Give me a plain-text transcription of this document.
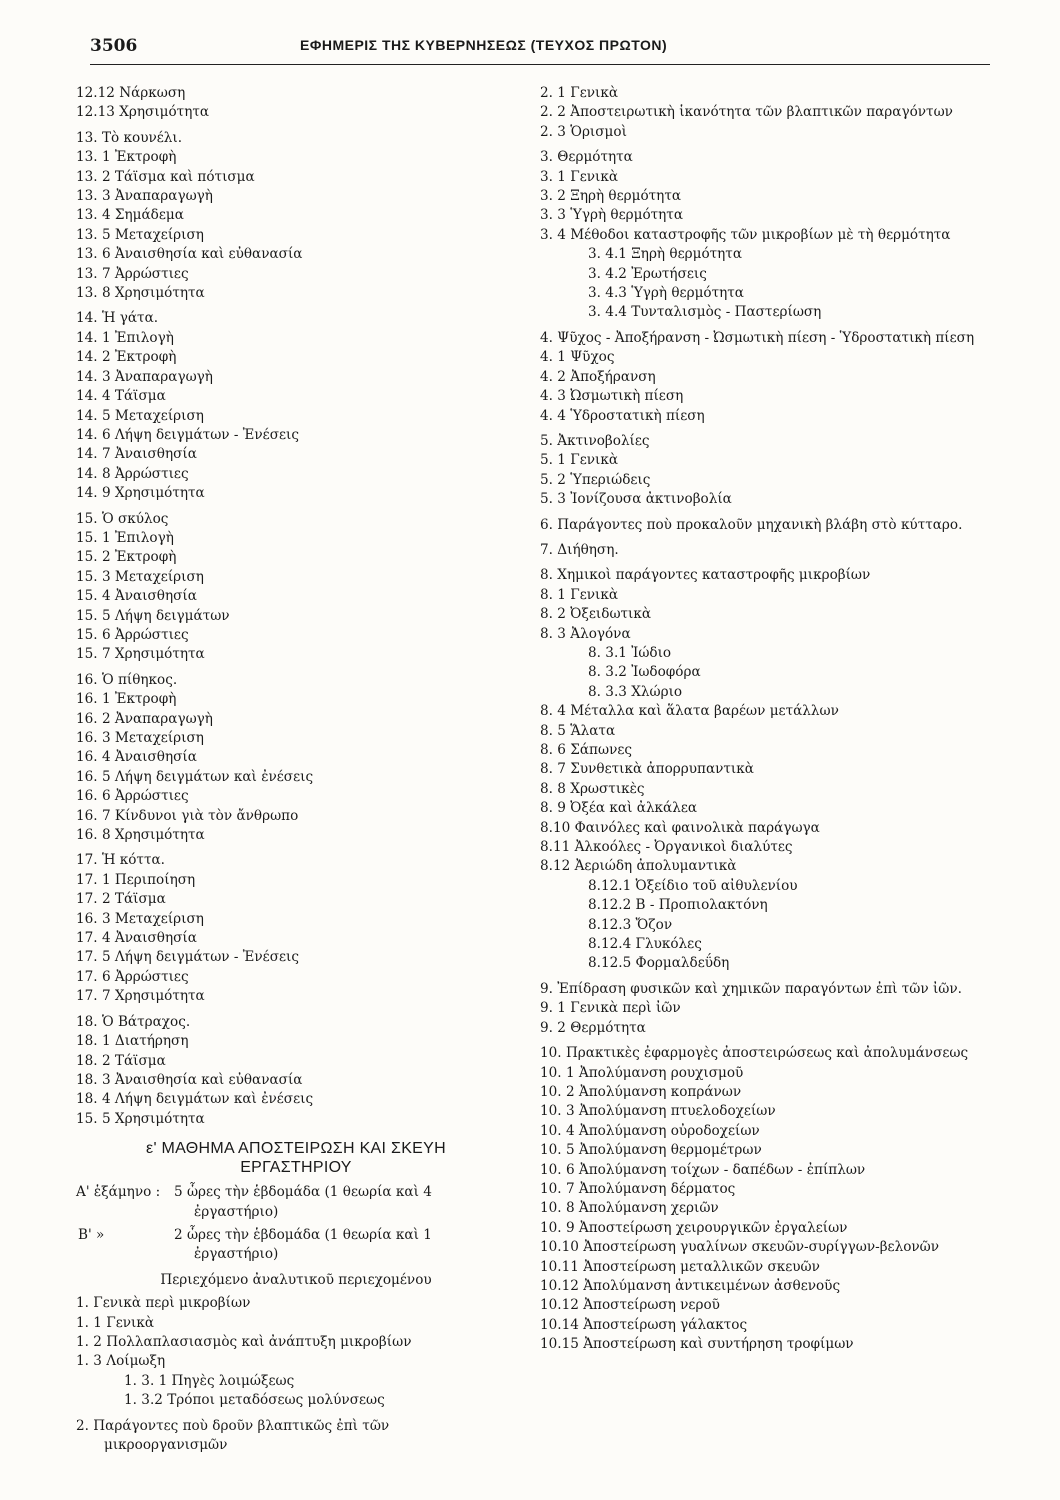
3506	ΕΦΗΜΕΡΙΣ ΤΗΣ ΚΥΒΕΡΝΗΣΕΩΣ (ΤΕΥΧΟΣ ΠΡΩΤΟΝ)
12.12 Νάρκωση
12.13 Χρησιμότητα
13. Τὸ κουνέλι.
13. 1 Ἐκτροφὴ
13. 2 Τάϊσμα καὶ πότισμα
13. 3 Ἀναπαραγωγὴ
13. 4 Σημάδεμα
13. 5 Μεταχείριση
13. 6 Ἀναισθησία καὶ εὐθανασία
13. 7 Ἀρρώστιες
13. 8 Χρησιμότητα
14. Ἡ γάτα.
14. 1 Ἐπιλογὴ
14. 2 Ἐκτροφὴ
14. 3 Ἀναπαραγωγὴ
14. 4 Τάϊσμα
14. 5 Μεταχείριση
14. 6 Λήψη δειγμάτων - Ἐνέσεις
14. 7 Ἀναισθησία
14. 8 Ἀρρώστιες
14. 9 Χρησιμότητα
15. Ὁ σκύλος
15. 1 Ἐπιλογὴ
15. 2 Ἐκτροφὴ
15. 3 Μεταχείριση
15. 4 Ἀναισθησία
15. 5 Λήψη δειγμάτων
15. 6 Ἀρρώστιες
15. 7 Χρησιμότητα
16. Ὁ πίθηκος.
16. 1 Ἐκτροφὴ
16. 2 Ἀναπαραγωγὴ
16. 3 Μεταχείριση
16. 4 Ἀναισθησία
16. 5 Λήψη δειγμάτων καὶ ἐνέσεις
16. 6 Ἀρρώστιες
16. 7 Κίνδυνοι γιὰ τὸν ἄνθρωπο
16. 8 Χρησιμότητα
17. Ἡ κόττα.
17. 1 Περιποίηση
17. 2 Τάϊσμα
16. 3 Μεταχείριση
17. 4 Ἀναισθησία
17. 5 Λήψη δειγμάτων - Ἐνέσεις
17. 6 Ἀρρώστιες
17. 7 Χρησιμότητα
18. Ὁ Βάτραχος.
18. 1 Διατήρηση
18. 2 Τάϊσμα
18. 3 Ἀναισθησία καὶ εὐθανασία
18. 4 Λήψη δειγμάτων καὶ ἐνέσεις
15. 5 Χρησιμότητα
ε' ΜΑΘΗΜΑ ΑΠΟΣΤΕΙΡΩΣΗ ΚΑΙ ΣΚΕΥΗ
ΕΡΓΑΣΤΗΡΙΟΥ
Α' ἑξάμηνο :	5 ὧρες τὴν ἑβδομάδα (1 θεωρία καὶ 4 ἐργαστήριο)
Β' »	2 ὧρες τὴν ἑβδομάδα (1 θεωρία καὶ 1 ἐργαστήριο)
Περιεχόμενο ἀναλυτικοῦ περιεχομένου
1. Γενικὰ περὶ μικροβίων
1. 1 Γενικὰ
1. 2 Πολλαπλασιασμὸς καὶ ἀνάπτυξη μικροβίων
1. 3 Λοίμωξη
1. 3. 1 Πηγὲς λοιμώξεως
1. 3.2 Τρόποι μεταδόσεως μολύνσεως
2. Παράγοντες ποὺ δροῦν βλαπτικῶς ἐπὶ τῶν μικροοργανισμῶν
2. 1 Γενικὰ
2. 2 Ἀποστειρωτικὴ ἱκανότητα τῶν βλαπτικῶν παραγόντων
2. 3 Ὁρισμοὶ
3. Θερμότητα
3. 1 Γενικὰ
3. 2 Ξηρὴ θερμότητα
3. 3 Ὑγρὴ θερμότητα
3. 4 Μέθοδοι καταστροφῆς τῶν μικροβίων μὲ τὴ θερμότητα
3. 4.1 Ξηρὴ θερμότητα
3. 4.2 Ἐρωτήσεις
3. 4.3 Ὑγρὴ θερμότητα
3. 4.4 Τυνταλισμὸς - Παστερίωση
4. Ψῦχος - Ἀποξήρανση - Ὠσμωτικὴ πίεση - Ὑδροστατικὴ πίεση
4. 1 Ψῦχος
4. 2 Ἀποξήρανση
4. 3 Ὠσμωτικὴ πίεση
4. 4 Ὑδροστατικὴ πίεση
5. Ἀκτινοβολίες
5. 1 Γενικὰ
5. 2 Ὑπεριώδεις
5. 3 Ἰονίζουσα ἀκτινοβολία
6. Παράγοντες ποὺ προκαλοῦν μηχανικὴ βλάβη στὸ κύτταρο.
7. Διήθηση.
8. Χημικοὶ παράγοντες καταστροφῆς μικροβίων
8. 1 Γενικὰ
8. 2 Ὀξειδωτικὰ
8. 3 Ἀλογόνα
8. 3.1 Ἰώδιο
8. 3.2 Ἰωδοφόρα
8. 3.3 Χλώριο
8. 4 Μέταλλα καὶ ἅλατα βαρέων μετάλλων
8. 5 Ἅλατα
8. 6 Σάπωνες
8. 7 Συνθετικὰ ἀπορρυπαντικὰ
8. 8 Χρωστικὲς
8. 9 Ὀξέα καὶ ἀλκάλεα
8.10 Φαινόλες καὶ φαινολικὰ παράγωγα
8.11 Ἀλκοόλες - Ὀργανικοὶ διαλύτες
8.12 Ἀεριώδη ἀπολυμαντικὰ
8.12.1 Ὀξείδιο τοῦ αἰθυλενίου
8.12.2 Β - Προπιολακτόνη
8.12.3 Ὄζον
8.12.4 Γλυκόλες
8.12.5 Φορμαλδεΰδη
9. Ἐπίδραση φυσικῶν καὶ χημικῶν παραγόντων ἐπὶ τῶν ἰῶν.
9. 1 Γενικὰ περὶ ἰῶν
9. 2 Θερμότητα
10. Πρακτικὲς ἐφαρμογὲς ἀποστειρώσεως καὶ ἀπολυμάνσεως
10. 1 Ἀπολύμανση ρουχισμοῦ
10. 2 Ἀπολύμανση κοπράνων
10. 3 Ἀπολύμανση πτυελοδοχείων
10. 4 Ἀπολύμανση οὐροδοχείων
10. 5 Ἀπολύμανση θερμομέτρων
10. 6 Ἀπολύμανση τοίχων - δαπέδων - ἐπίπλων
10. 7 Ἀπολύμανση δέρματος
10. 8 Ἀπολύμανση χεριῶν
10. 9 Ἀποστείρωση χειρουργικῶν ἐργαλείων
10.10 Ἀποστείρωση γυαλίνων σκευῶν-συρίγγων-βελονῶν
10.11 Ἀποστείρωση μεταλλικῶν σκευῶν
10.12 Ἀπολύμανση ἀντικειμένων ἀσθενοῦς
10.12 Ἀποστείρωση νεροῦ
10.14 Ἀποστείρωση γάλακτος
10.15 Ἀποστείρωση καὶ συντήρηση τροφίμων
